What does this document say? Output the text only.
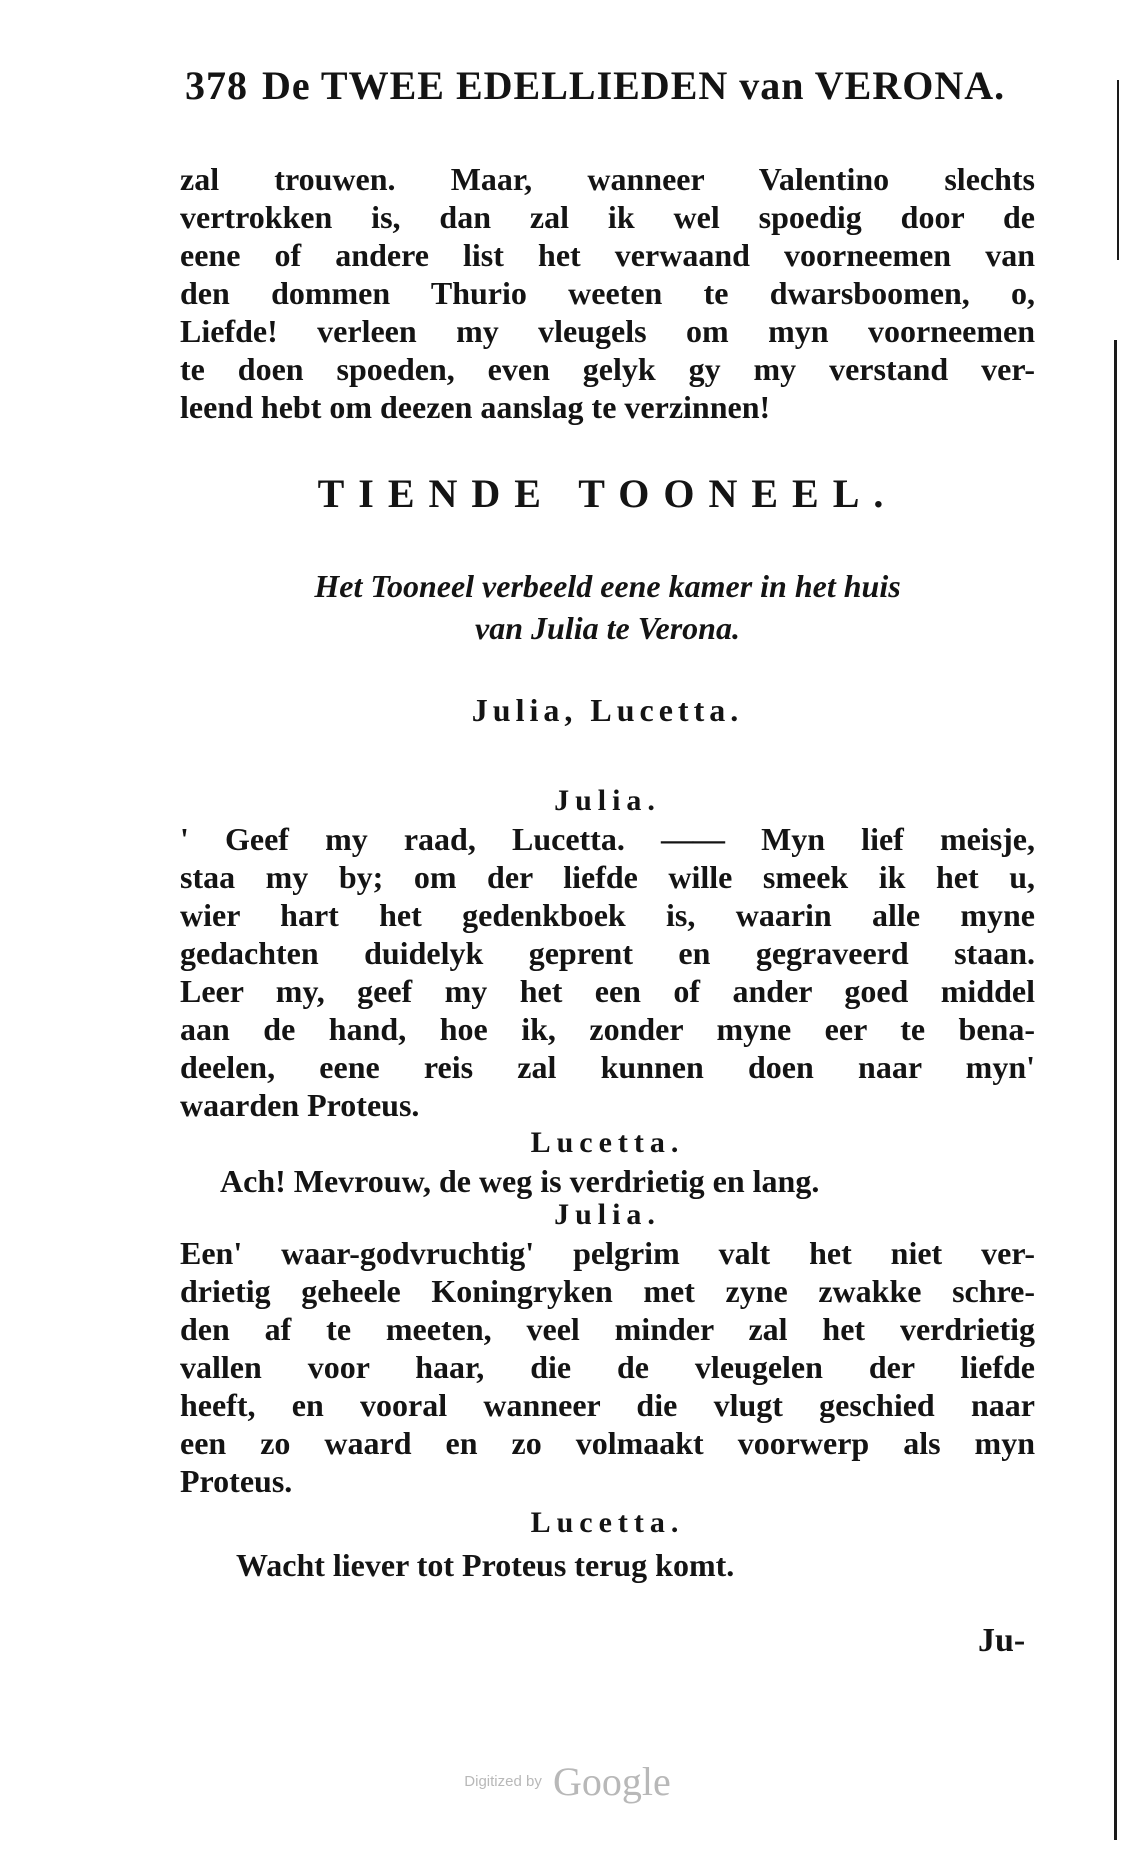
378 De TWEE EDELLIEDEN van VERONA.
zal trouwen. Maar, wanneer Valentino slechts
vertrokken is, dan zal ik wel spoedig door de
eene of andere list het verwaand voorneemen van
den dommen Thurio weeten te dwarsboomen, o,
Liefde! verleen my vleugels om myn voorneemen
te doen spoeden, even gelyk gy my verstand ver-
leend hebt om deezen aanslag te verzinnen!
TIENDE TOONEEL.
Het Tooneel verbeeld eene kamer in het huis
van Julia te Verona.
Julia, Lucetta.
Julia.
' Geef my raad, Lucetta. —— Myn lief meisje,
staa my by; om der liefde wille smeek ik het u,
wier hart het gedenkboek is, waarin alle myne
gedachten duidelyk geprent en gegraveerd staan.
Leer my, geef my het een of ander goed middel
aan de hand, hoe ik, zonder myne eer te bena-
deelen, eene reis zal kunnen doen naar myn'
waarden Proteus.
Lucetta.
Ach! Mevrouw, de weg is verdrietig en lang.
Julia.
Een' waar-godvruchtig' pelgrim valt het niet ver-
drietig geheele Koningryken met zyne zwakke schre-
den af te meeten, veel minder zal het verdrietig
vallen voor haar, die de vleugelen der liefde
heeft, en vooral wanneer die vlugt geschied naar
een zo waard en zo volmaakt voorwerp als myn
Proteus.
Lucetta.
Wacht liever tot Proteus terug komt.
Ju-
Digitized by Google
